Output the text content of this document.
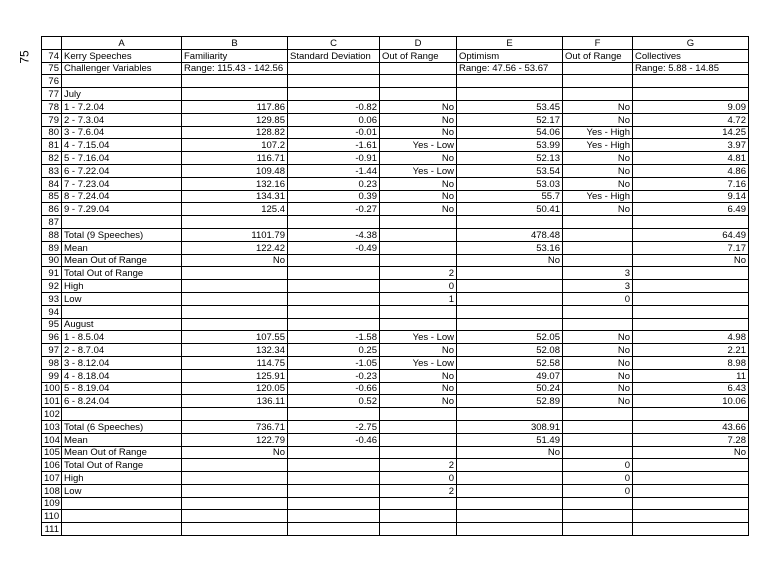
75
	A	B	C	D	E	F	G
74	Kerry Speeches	Familiarity	Standard Deviation	Out of Range	Optimism	Out of Range	Collectives
75	Challenger Variables	Range: 115.43 - 142.56			Range: 47.56 - 53.67		Range: 5.88 - 14.85
76							
77	July						
78	1 - 7.2.04	117.86	-0.82	No	53.45	No	9.09
79	2 - 7.3.04	129.85	0.06	No	52.17	No	4.72
80	3 - 7.6.04	128.82	-0.01	No	54.06	Yes - High	14.25
81	4 - 7.15.04	107.2	-1.61	Yes - Low	53.99	Yes - High	3.97
82	5 - 7.16.04	116.71	-0.91	No	52.13	No	4.81
83	6 - 7.22.04	109.48	-1.44	Yes - Low	53.54	No	4.86
84	7 - 7.23.04	132.16	0.23	No	53.03	No	7.16
85	8 - 7.24.04	134.31	0.39	No	55.7	Yes - High	9.14
86	9 - 7.29.04	125.4	-0.27	No	50.41	No	6.49
87							
88	Total (9 Speeches)	1101.79	-4.38		478.48		64.49
89	Mean	122.42	-0.49		53.16		7.17
90	Mean Out of Range	No			No		No
91	Total Out of Range			2		3	
92	High			0		3	
93	Low			1		0	
94							
95	August						
96	1 - 8.5.04	107.55	-1.58	Yes - Low	52.05	No	4.98
97	2 - 8.7.04	132.34	0.25	No	52.08	No	2.21
98	3 - 8.12.04	114.75	-1.05	Yes - Low	52.58	No	8.98
99	4 - 8.18.04	125.91	-0.23	No	49.07	No	11
100	5 - 8.19.04	120.05	-0.66	No	50.24	No	6.43
101	6 - 8.24.04	136.11	0.52	No	52.89	No	10.06
102							
103	Total (6 Speeches)	736.71	-2.75		308.91		43.66
104	Mean	122.79	-0.46		51.49		7.28
105	Mean Out of Range	No			No		No
106	Total Out of Range			2		0	
107	High			0		0	
108	Low			2		0	
109							
110							
111							
